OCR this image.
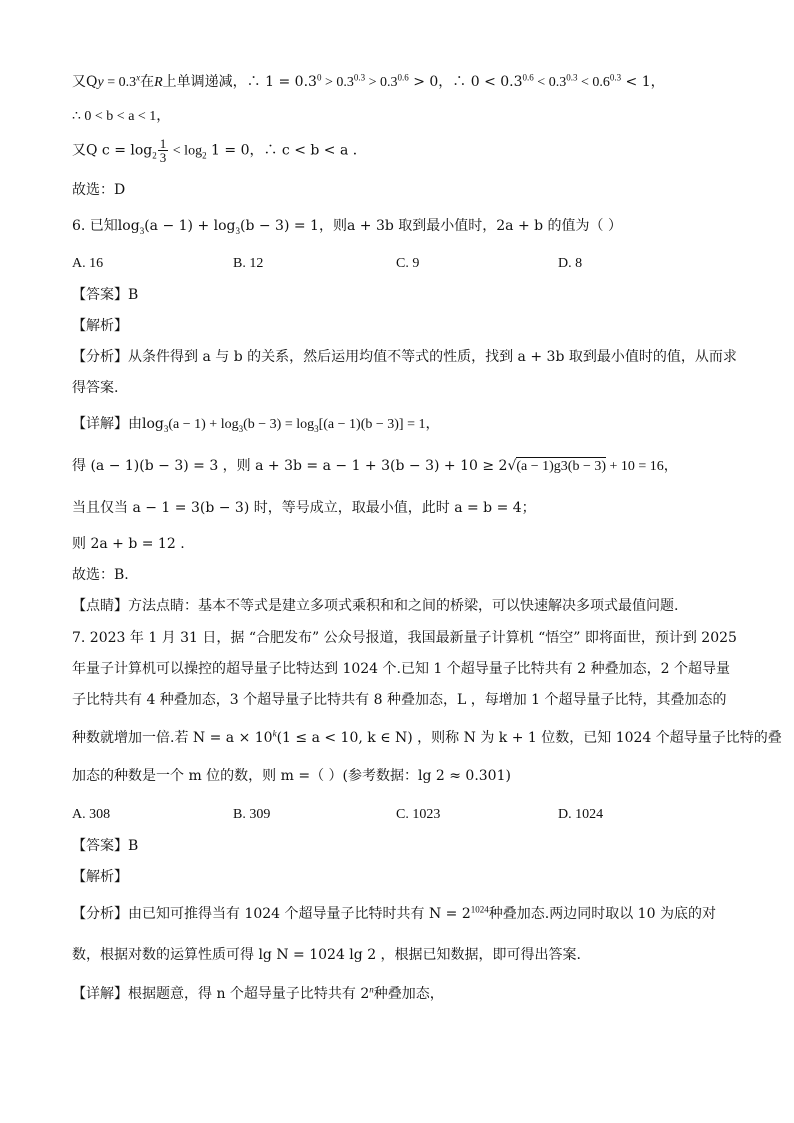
又$Qy = 0.3^x$在R上单调递减，∴ $1 = 0.3^0 > 0.3^{0.3} > 0.3^{0.6} > 0$，∴ $0 < 0.3^{0.6} < 0.3^{0.3} < 0.6^{0.3} < 1$，
∴ 0 < b < a < 1，
又Q $c = \log_2 \frac{1}{3} < \log_2 1 = 0$，∴ c < b < a ．
故选：D
6. 已知$\log_3(a - 1) + \log_3(b - 3) = 1$，则a + 3b 取到最小值时，2a + b 的值为（ ）
A. 16	B. 12	C. 9	D. 8
【答案】B
【解析】
【分析】从条件得到 a 与 b 的关系，然后运用均值不等式的性质，找到 a + 3b 取到最小值时的值，从而求
得答案.
【详解】由$\log_3(a - 1) + \log_3(b - 3) = \log_3[(a - 1)(b - 3)] = 1$，
得 (a − 1)(b − 3) = 3 ，则 a + 3b = a − 1 + 3(b − 3) + 10 ≥ 2√(a − 1)g3(b − 3) + 10 = 16，
当且仅当 a − 1 = 3(b − 3) 时，等号成立，取最小值，此时 a = b = 4；
则 2a + b = 12 .
故选：B.
【点睛】方法点睛：基本不等式是建立多项式乘积和和之间的桥梁，可以快速解决多项式最值问题.
7. 2023 年 1 月 31 日，据 “合肥发布” 公众号报道，我国最新量子计算机 “悟空” 即将面世，预计到 2025
年量子计算机可以操控的超导量子比特达到 1024 个.已知 1 个超导量子比特共有 2 种叠加态，2 个超导量
子比特共有 4 种叠加态，3 个超导量子比特共有 8 种叠加态，L ，每增加 1 个超导量子比特，其叠加态的
种数就增加一倍.若 $N = a \times 10^k(1 \le a < 10$, k ∈ N) ，则称 N 为 k + 1 位数，已知 1024 个超导量子比特的叠
加态的种数是一个 m 位的数，则 m =（ ）(参考数据：lg 2 ≈ 0.301)
A. 308	B. 309	C. 1023	D. 1024
【答案】B
【解析】
【分析】由已知可推得当有 1024 个超导量子比特时共有 $N = 2^{1024}$种叠加态.两边同时取以 10 为底的对
数，根据对数的运算性质可得 lg N = 1024 lg 2 ，根据已知数据，即可得出答案.
【详解】根据题意，得 n 个超导量子比特共有 2$^n$种叠加态，
